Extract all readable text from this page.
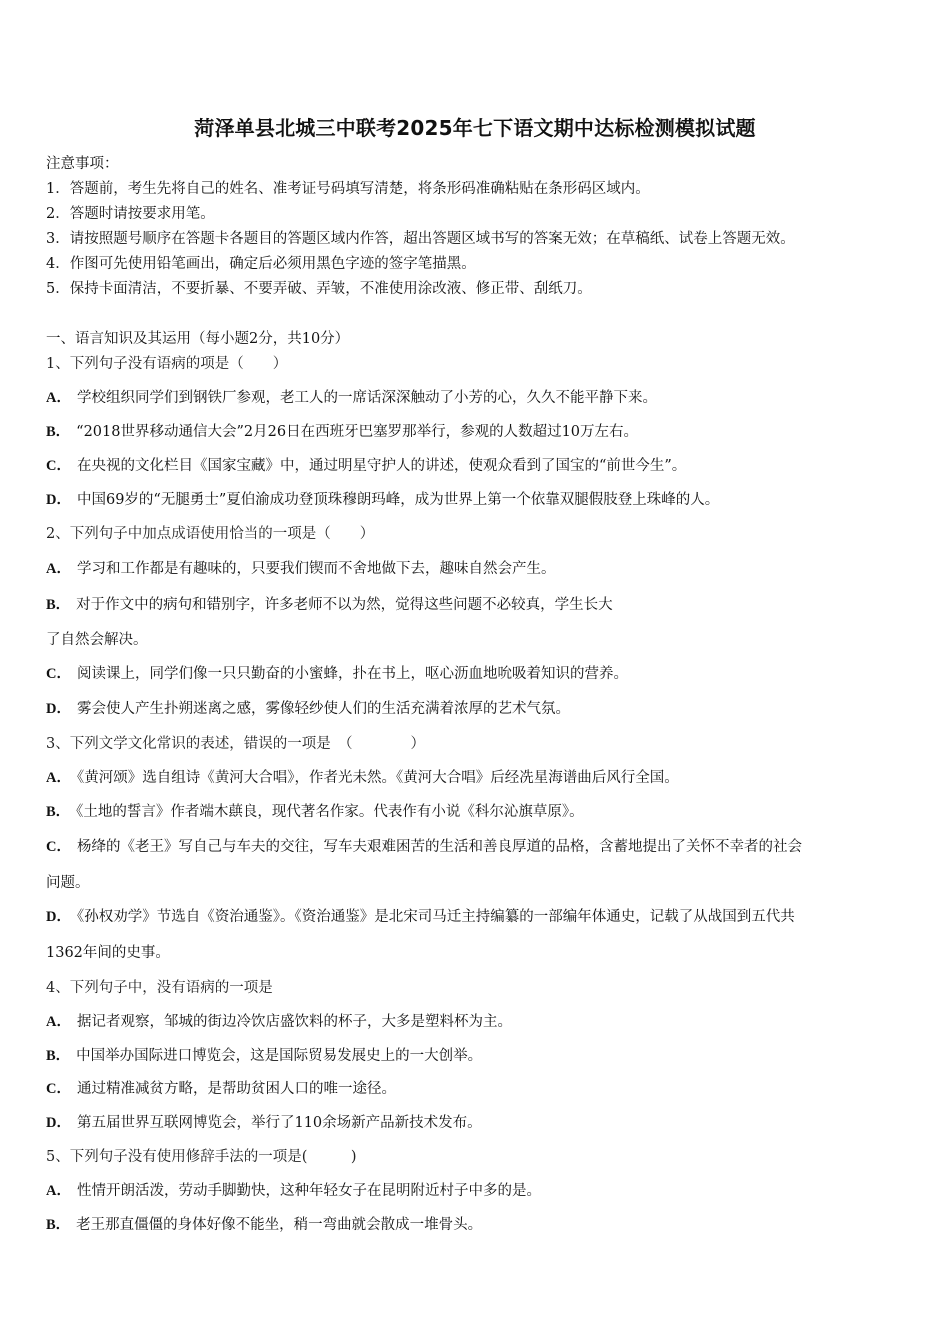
菏泽单县北城三中联考2025年七下语文期中达标检测模拟试题
注意事项：
1．答题前，考生先将自己的姓名、准考证号码填写清楚，将条形码准确粘贴在条形码区域内。
2．答题时请按要求用笔。
3．请按照题号顺序在答题卡各题目的答题区域内作答，超出答题区域书写的答案无效；在草稿纸、试卷上答题无效。
4．作图可先使用铅笔画出，确定后必须用黑色字迹的签字笔描黑。
5．保持卡面清洁，不要折暴、不要弄破、弄皱，不准使用涂改液、修正带、刮纸刀。
一、语言知识及其运用（每小题2分，共10分）
1、下列句子没有语病的项是（　　）
A． 学校组织同学们到钢铁厂参观，老工人的一席话深深触动了小芳的心，久久不能平静下来。
B． “2018世界移动通信大会”2月26日在西班牙巴塞罗那举行，参观的人数超过10万左右。
C． 在央视的文化栏目《国家宝藏》中，通过明星守护人的讲述，使观众看到了国宝的“前世今生”。
D． 中国69岁的“无腿勇士”夏伯渝成功登顶珠穆朗玛峰，成为世界上第一个依靠双腿假肢登上珠峰的人。
2、下列句子中加点成语使用恰当的一项是（　　）
A． 学习和工作都是有趣味的，只要我们锲而不舍地做下去，趣味自然会产生。
B． 对于作文中的病句和错别字，许多老师不以为然，觉得这些问题不必较真，学生长大
了自然会解决。
C． 阅读课上，同学们像一只只勤奋的小蜜蜂，扑在书上，呕心沥血地吮吸着知识的营养。
D． 雾会使人产生扑朔迷离之感，雾像轻纱使人们的生活充满着浓厚的艺术气氛。
3、下列文学文化常识的表述，错误的一项是　（　　　　）
A． 《黄河颂》选自组诗《黄河大合唱》，作者光未然。《黄河大合唱》后经冼星海谱曲后风行全国。
B． 《土地的誓言》作者端木蕻良，现代著名作家。代表作有小说《科尔沁旗草原》。
C． 杨绛的《老王》写自己与车夫的交往，写车夫艰难困苦的生活和善良厚道的品格，含蓄地提出了关怀不幸者的社会
问题。
D． 《孙权劝学》节选自《资治通鉴》。《资治通鉴》是北宋司马迁主持编纂的一部编年体通史，记载了从战国到五代共
1362年间的史事。
4、下列句子中，没有语病的一项是
A． 据记者观察，邹城的街边冷饮店盛饮料的杯子，大多是塑料杯为主。
B． 中国举办国际进口博览会，这是国际贸易发展史上的一大创举。
C． 通过精准减贫方略，是帮助贫困人口的唯一途径。
D． 第五届世界互联网博览会，举行了110余场新产品新技术发布。
5、下列句子没有使用修辞手法的一项是(　　　)
A． 性情开朗活泼，劳动手脚勤快，这种年轻女子在昆明附近村子中多的是。
B． 老王那直僵僵的身体好像不能坐，稍一弯曲就会散成一堆骨头。
